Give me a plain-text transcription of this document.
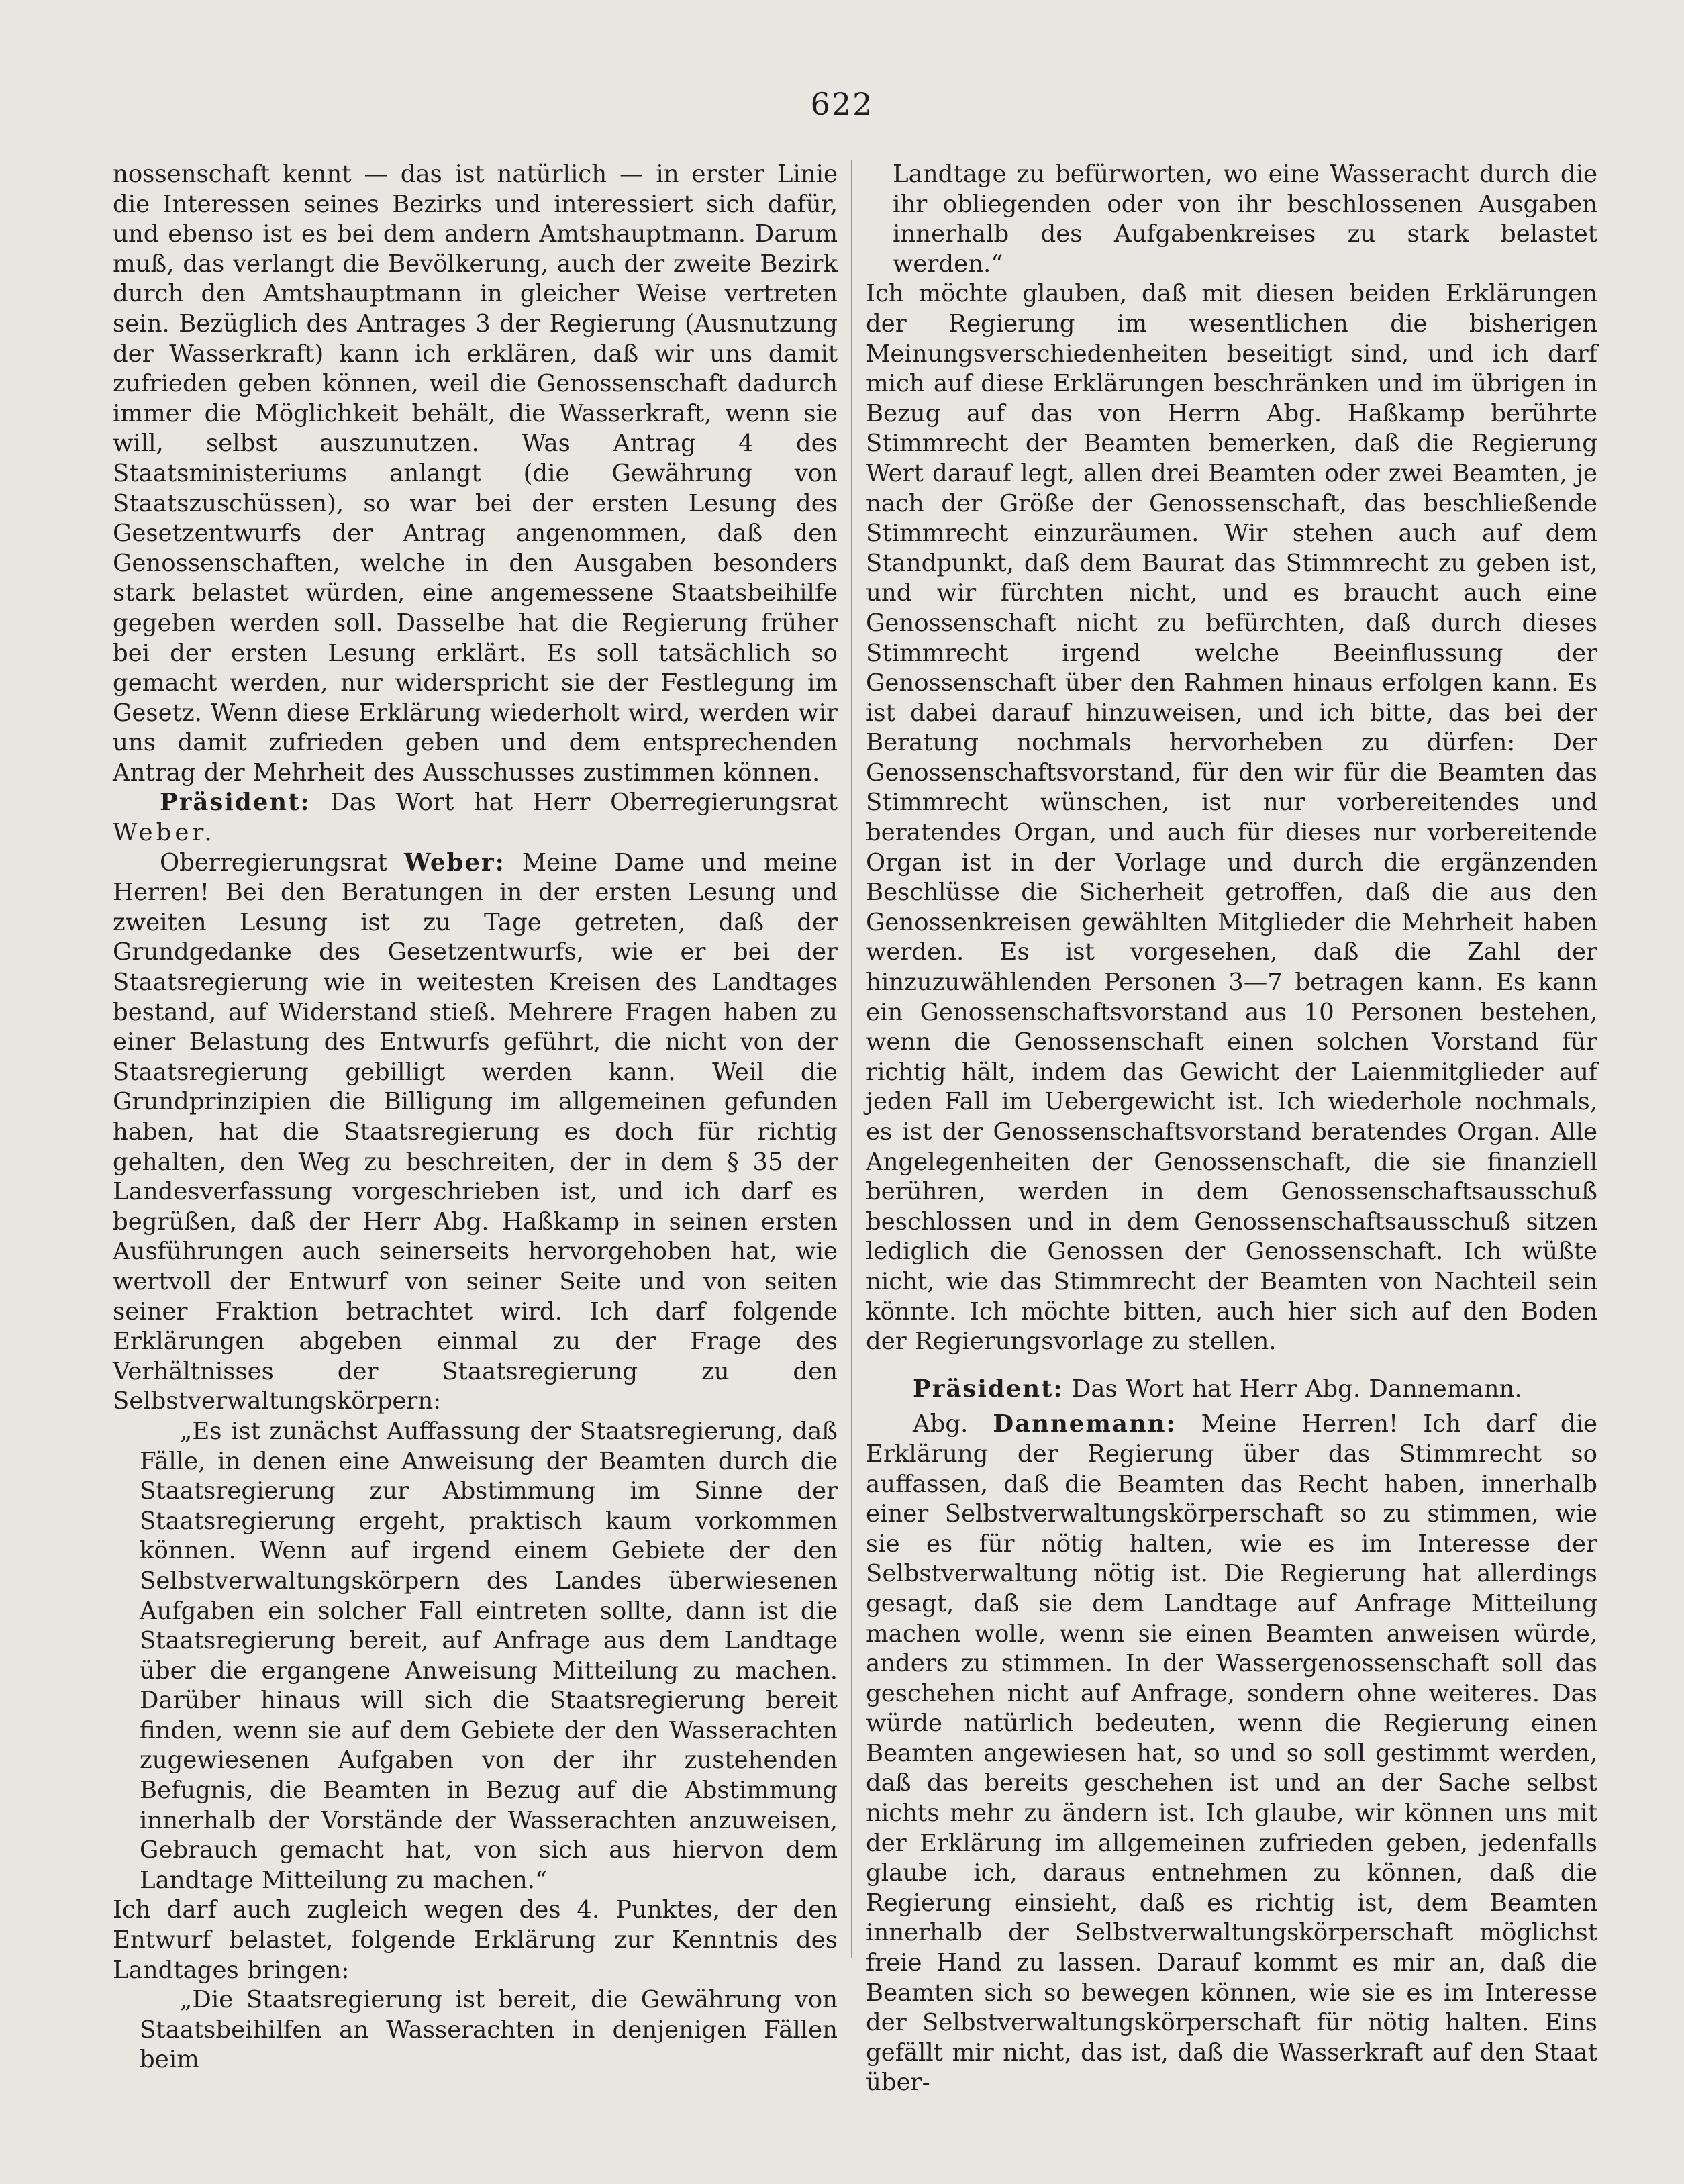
622

nossenschaft kennt — das ist natürlich — in erster Linie die Interessen seines Bezirks und interessiert sich dafür, und ebenso ist es bei dem andern Amtshauptmann. Darum muß, das verlangt die Bevölkerung, auch der zweite Bezirk durch den Amtshauptmann in gleicher Weise vertreten sein. Bezüglich des Antrages 3 der Regierung (Ausnutzung der Wasserkraft) kann ich erklären, daß wir uns damit zufrieden geben können, weil die Genossenschaft dadurch immer die Möglichkeit behält, die Wasserkraft, wenn sie will, selbst auszunutzen. Was Antrag 4 des Staatsministeriums anlangt (die Gewährung von Staatszuschüssen), so war bei der ersten Lesung des Gesetzentwurfs der Antrag angenommen, daß den Genossenschaften, welche in den Ausgaben besonders stark belastet würden, eine angemessene Staatsbeihilfe gegeben werden soll. Dasselbe hat die Regierung früher bei der ersten Lesung erklärt. Es soll tatsächlich so gemacht werden, nur widerspricht sie der Festlegung im Gesetz. Wenn diese Erklärung wiederholt wird, werden wir uns damit zufrieden geben und dem entsprechenden Antrag der Mehrheit des Ausschusses zustimmen können.

Präsident: Das Wort hat Herr Oberregierungsrat Weber.

Oberregierungsrat Weber: Meine Dame und meine Herren! Bei den Beratungen in der ersten Lesung und zweiten Lesung ist zu Tage getreten, daß der Grundgedanke des Gesetzentwurfs, wie er bei der Staatsregierung wie in weitesten Kreisen des Landtages bestand, auf Widerstand stieß. Mehrere Fragen haben zu einer Belastung des Entwurfs geführt, die nicht von der Staatsregierung gebilligt werden kann. Weil die Grundprinzipien die Billigung im allgemeinen gefunden haben, hat die Staatsregierung es doch für richtig gehalten, den Weg zu beschreiten, der in dem § 35 der Landesverfassung vorgeschrieben ist, und ich darf es begrüßen, daß der Herr Abg. Haßkamp in seinen ersten Ausführungen auch seinerseits hervorgehoben hat, wie wertvoll der Entwurf von seiner Seite und von seiten seiner Fraktion betrachtet wird. Ich darf folgende Erklärungen abgeben einmal zu der Frage des Verhältnisses der Staatsregierung zu den Selbstverwaltungskörpern:

„Es ist zunächst Auffassung der Staatsregierung, daß Fälle, in denen eine Anweisung der Beamten durch die Staatsregierung zur Abstimmung im Sinne der Staatsregierung ergeht, praktisch kaum vorkommen können. Wenn auf irgend einem Gebiete der den Selbstverwaltungskörpern des Landes überwiesenen Aufgaben ein solcher Fall eintreten sollte, dann ist die Staatsregierung bereit, auf Anfrage aus dem Landtage über die ergangene Anweisung Mitteilung zu machen. Darüber hinaus will sich die Staatsregierung bereit finden, wenn sie auf dem Gebiete der den Wasserachten zugewiesenen Aufgaben von der ihr zustehenden Befugnis, die Beamten in Bezug auf die Abstimmung innerhalb der Vorstände der Wasserachten anzuweisen, Gebrauch gemacht hat, von sich aus hiervon dem Landtage Mitteilung zu machen.“

Ich darf auch zugleich wegen des 4. Punktes, der den Entwurf belastet, folgende Erklärung zur Kenntnis des Landtages bringen:

„Die Staatsregierung ist bereit, die Gewährung von Staatsbeihilfen an Wasserachten in denjenigen Fällen beim

Landtage zu befürworten, wo eine Wasseracht durch die ihr obliegenden oder von ihr beschlossenen Ausgaben innerhalb des Aufgabenkreises zu stark belastet werden.“

Ich möchte glauben, daß mit diesen beiden Erklärungen der Regierung im wesentlichen die bisherigen Meinungsverschiedenheiten beseitigt sind, und ich darf mich auf diese Erklärungen beschränken und im übrigen in Bezug auf das von Herrn Abg. Haßkamp berührte Stimmrecht der Beamten bemerken, daß die Regierung Wert darauf legt, allen drei Beamten oder zwei Beamten, je nach der Größe der Genossenschaft, das beschließende Stimmrecht einzuräumen. Wir stehen auch auf dem Standpunkt, daß dem Baurat das Stimmrecht zu geben ist, und wir fürchten nicht, und es braucht auch eine Genossenschaft nicht zu befürchten, daß durch dieses Stimmrecht irgend welche Beeinflussung der Genossenschaft über den Rahmen hinaus erfolgen kann. Es ist dabei darauf hinzuweisen, und ich bitte, das bei der Beratung nochmals hervorheben zu dürfen: Der Genossenschaftsvorstand, für den wir für die Beamten das Stimmrecht wünschen, ist nur vorbereitendes und beratendes Organ, und auch für dieses nur vorbereitende Organ ist in der Vorlage und durch die ergänzenden Beschlüsse die Sicherheit getroffen, daß die aus den Genossenkreisen gewählten Mitglieder die Mehrheit haben werden. Es ist vorgesehen, daß die Zahl der hinzuzuwählenden Personen 3—7 betragen kann. Es kann ein Genossenschaftsvorstand aus 10 Personen bestehen, wenn die Genossenschaft einen solchen Vorstand für richtig hält, indem das Gewicht der Laienmitglieder auf jeden Fall im Uebergewicht ist. Ich wiederhole nochmals, es ist der Genossenschaftsvorstand beratendes Organ. Alle Angelegenheiten der Genossenschaft, die sie finanziell berühren, werden in dem Genossenschaftsausschuß beschlossen und in dem Genossenschaftsausschuß sitzen lediglich die Genossen der Genossenschaft. Ich wüßte nicht, wie das Stimmrecht der Beamten von Nachteil sein könnte. Ich möchte bitten, auch hier sich auf den Boden der Regierungsvorlage zu stellen.

Präsident: Das Wort hat Herr Abg. Dannemann.

Abg. Dannemann: Meine Herren! Ich darf die Erklärung der Regierung über das Stimmrecht so auffassen, daß die Beamten das Recht haben, innerhalb einer Selbstverwaltungskörperschaft so zu stimmen, wie sie es für nötig halten, wie es im Interesse der Selbstverwaltung nötig ist. Die Regierung hat allerdings gesagt, daß sie dem Landtage auf Anfrage Mitteilung machen wolle, wenn sie einen Beamten anweisen würde, anders zu stimmen. In der Wassergenossenschaft soll das geschehen nicht auf Anfrage, sondern ohne weiteres. Das würde natürlich bedeuten, wenn die Regierung einen Beamten angewiesen hat, so und so soll gestimmt werden, daß das bereits geschehen ist und an der Sache selbst nichts mehr zu ändern ist. Ich glaube, wir können uns mit der Erklärung im allgemeinen zufrieden geben, jedenfalls glaube ich, daraus entnehmen zu können, daß die Regierung einsieht, daß es richtig ist, dem Beamten innerhalb der Selbstverwaltungskörperschaft möglichst freie Hand zu lassen. Darauf kommt es mir an, daß die Beamten sich so bewegen können, wie sie es im Interesse der Selbstverwaltungskörperschaft für nötig halten. Eins gefällt mir nicht, das ist, daß die Wasserkraft auf den Staat über-
